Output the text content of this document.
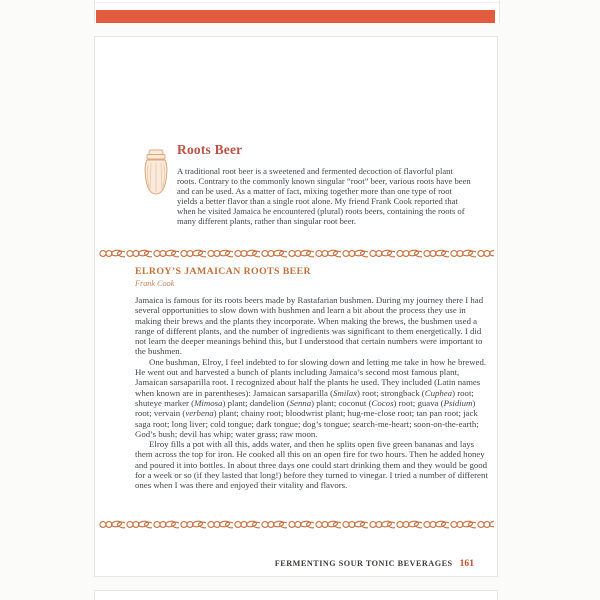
Roots Beer
A traditional root beer is a sweetened and fermented decoction of flavorful plant roots. Contrary to the commonly known singular “root” beer, various roots have been and can be used. As a matter of fact, mixing together more than one type of root yields a better flavor than a single root alone. My friend Frank Cook reported that when he visited Jamaica he encountered (plural) roots beers, containing the roots of many different plants, rather than singular root beer.
ELROY’S JAMAICAN ROOTS BEER
Frank Cook

Jamaica is famous for its roots beers made by Rastafarian bushmen. During my journey there I had several opportunities to slow down with bushmen and learn a bit about the process they use in making their brews and the plants they incorporate. When making the brews, the bushmen used a range of different plants, and the number of ingredients was significant to them energetically. I did not learn the deeper meanings behind this, but I understood that certain numbers were important to the bushmen.

One bushman, Elroy, I feel indebted to for slowing down and letting me take in how he brewed. He went out and harvested a bunch of plants including Jamaica’s second most famous plant, Jamaican sarsaparilla root. I recognized about half the plants he used. They included (Latin names when known are in parentheses): Jamaican sarsaparilla (Smilax) root; strongback (Cuphea) root; shuteye marker (Mimosa) plant; dandelion (Senna) plant; coconut (Cocos) root; guava (Psidium) root; vervain (verbena) plant; chainy root; bloodwrist plant; hug-me-close root; tan pan root; jack saga root; long liver; cold tongue; dark tongue; dog’s tongue; search-me-heart; soon-on-the-earth; God’s bush; devil has whip; water grass; raw moon.

Elroy fills a pot with all this, adds water, and then he splits open five green bananas and lays them across the top for iron. He cooked all this on an open fire for two hours. Then he added honey and poured it into bottles. In about three days one could start drinking them and they would be good for a week or so (if they lasted that long!) before they turned to vinegar. I tried a number of different ones when I was there and enjoyed their vitality and flavors.

FERMENTING SOUR TONIC BEVERAGES 161
